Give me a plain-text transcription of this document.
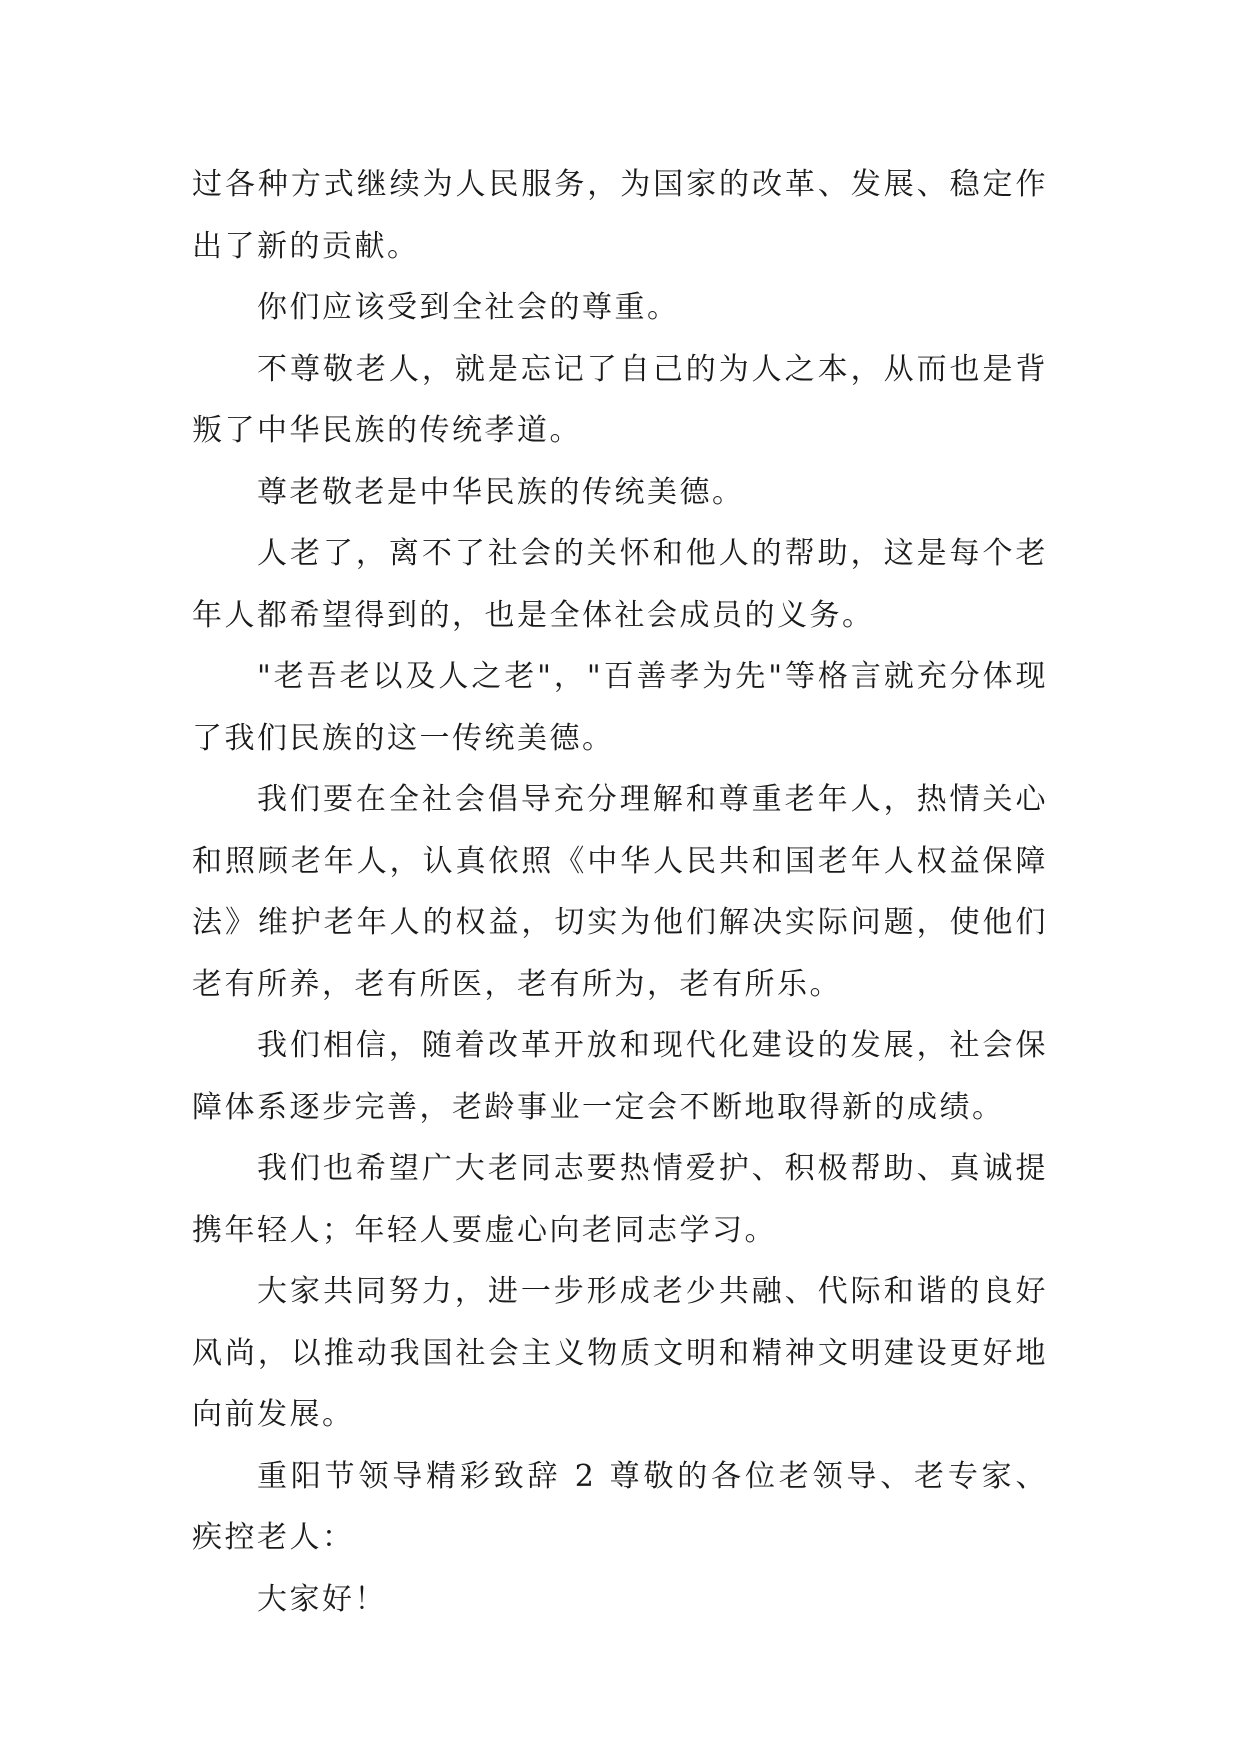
过各种方式继续为人民服务，为国家的改革、发展、稳定作出了新的贡献。

你们应该受到全社会的尊重。

不尊敬老人，就是忘记了自己的为人之本，从而也是背叛了中华民族的传统孝道。

尊老敬老是中华民族的传统美德。

人老了，离不了社会的关怀和他人的帮助，这是每个老年人都希望得到的，也是全体社会成员的义务。

"老吾老以及人之老"，"百善孝为先"等格言就充分体现了我们民族的这一传统美德。

我们要在全社会倡导充分理解和尊重老年人，热情关心和照顾老年人，认真依照《中华人民共和国老年人权益保障法》维护老年人的权益，切实为他们解决实际问题，使他们老有所养，老有所医，老有所为，老有所乐。

我们相信，随着改革开放和现代化建设的发展，社会保障体系逐步完善，老龄事业一定会不断地取得新的成绩。

我们也希望广大老同志要热情爱护、积极帮助、真诚提携年轻人；年轻人要虚心向老同志学习。

大家共同努力，进一步形成老少共融、代际和谐的良好风尚，以推动我国社会主义物质文明和精神文明建设更好地向前发展。

重阳节领导精彩致辞 2 尊敬的各位老领导、老专家、疾控老人：

大家好！
